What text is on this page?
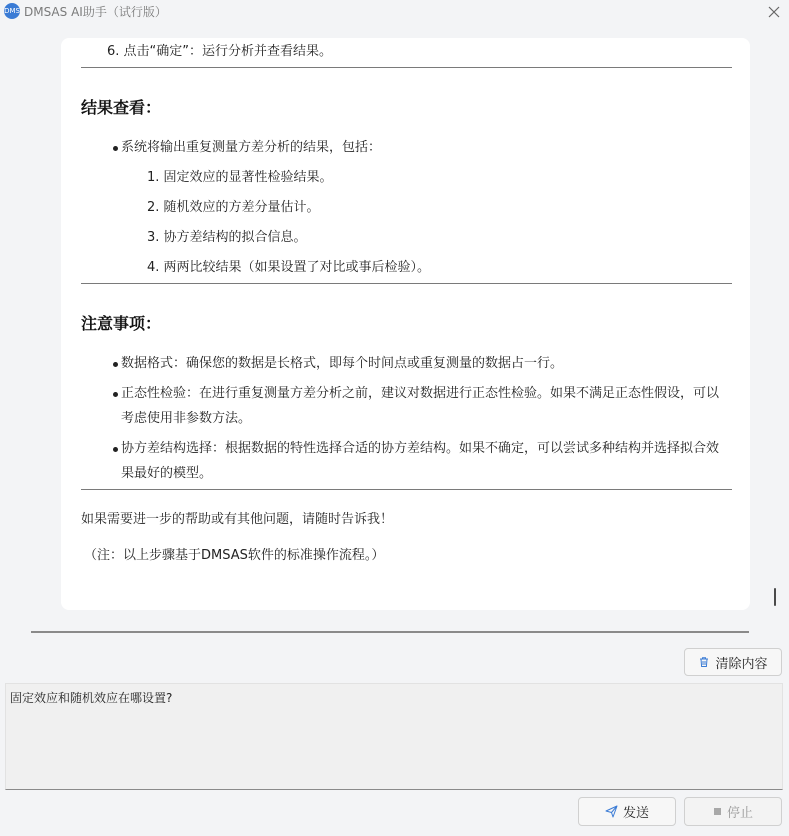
DMS DMSAS AI助手（试行版）
6. 点击“确定”：运行分析并查看结果。
结果查看：
系统将输出重复测量方差分析的结果，包括：
1. 固定效应的显著性检验结果。
2. 随机效应的方差分量估计。
3. 协方差结构的拟合信息。
4. 两两比较结果（如果设置了对比或事后检验）。
注意事项：
数据格式：确保您的数据是长格式，即每个时间点或重复测量的数据占一行。
正态性检验：在进行重复测量方差分析之前，建议对数据进行正态性检验。如果不满足正态性假设，可以
考虑使用非参数方法。
协方差结构选择：根据数据的特性选择合适的协方差结构。如果不确定，可以尝试多种结构并选择拟合效
果最好的模型。
如果需要进一步的帮助或有其他问题，请随时告诉我！
（注：以上步骤基于DMSAS软件的标准操作流程。）
清除内容
固定效应和随机效应在哪设置?
发送	停止
